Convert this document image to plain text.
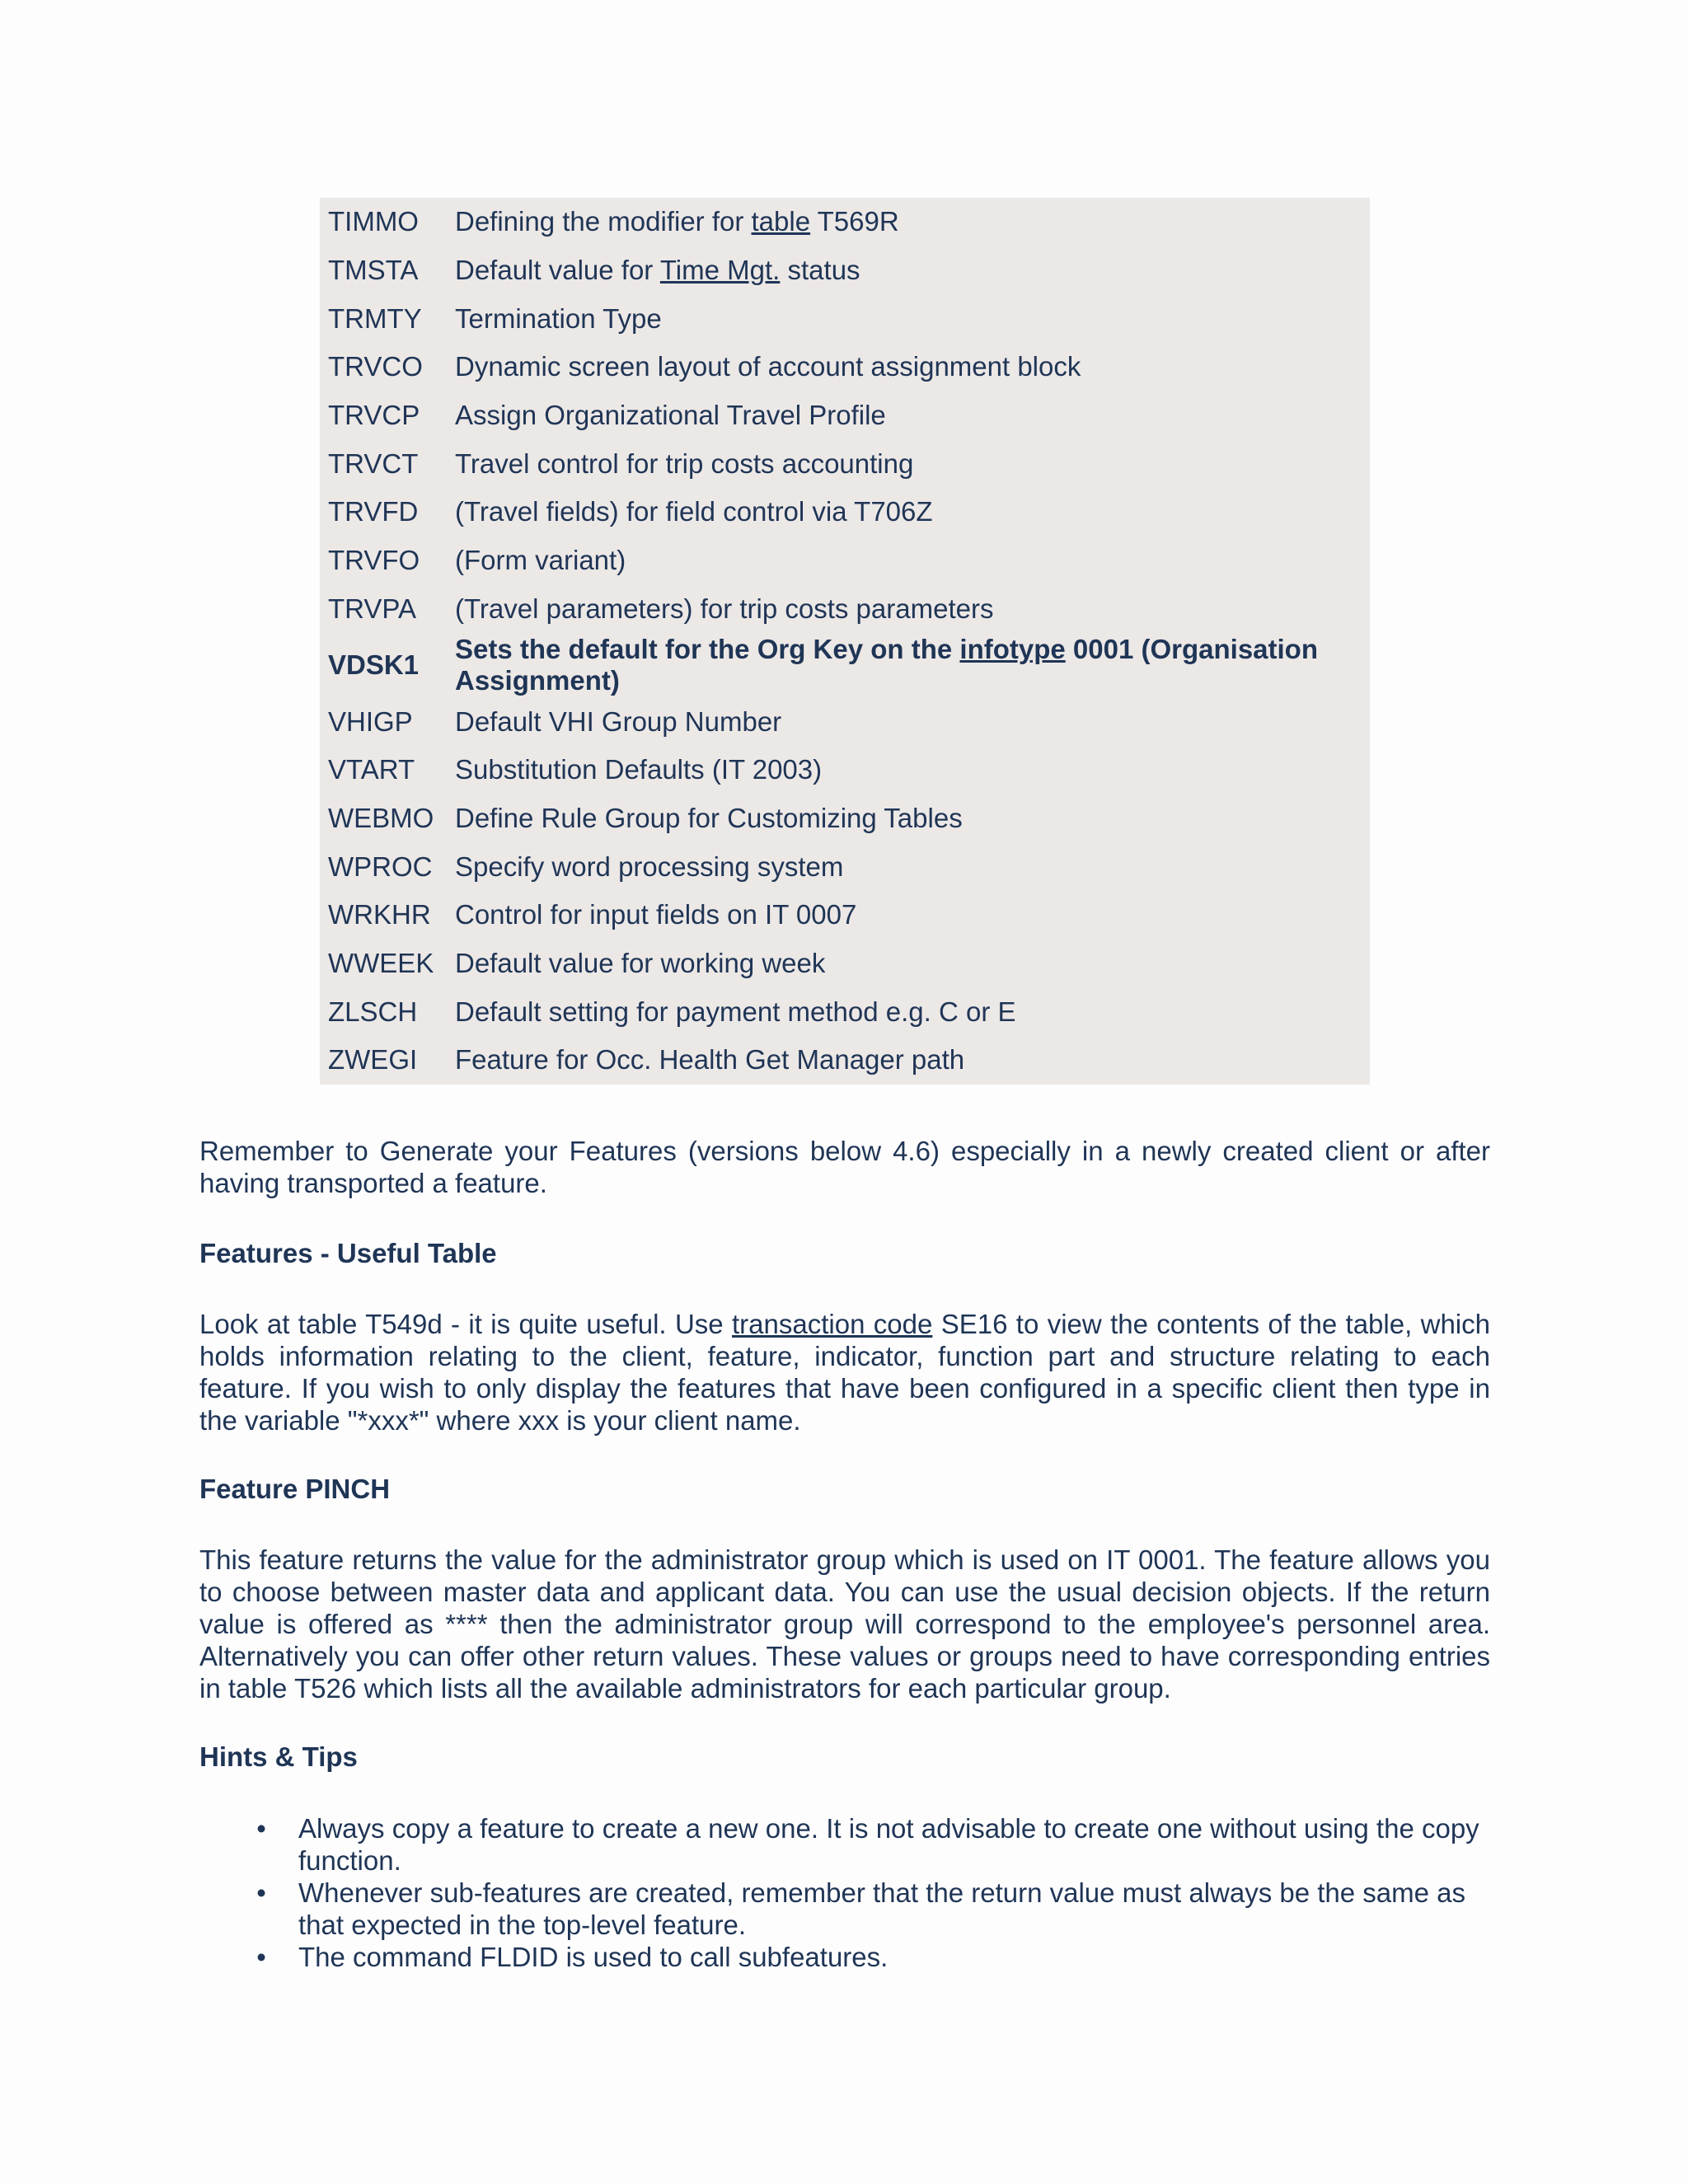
TIMMO	Defining the modifier for table T569R
TMSTA	Default value for Time Mgt. status
TRMTY	Termination Type
TRVCO	Dynamic screen layout of account assignment block
TRVCP	Assign Organizational Travel Profile
TRVCT	Travel control for trip costs accounting
TRVFD	(Travel fields) for field control via T706Z
TRVFO	(Form variant)
TRVPA	(Travel parameters) for trip costs parameters
VDSK1	Sets the default for the Org Key on the infotype 0001 (Organisation Assignment)
VHIGP	Default VHI Group Number
VTART	Substitution Defaults (IT 2003)
WEBMO	Define Rule Group for Customizing Tables
WPROC	Specify word processing system
WRKHR	Control for input fields on IT 0007
WWEEK	Default value for working week
ZLSCH	Default setting for payment method e.g. C or E
ZWEGI	Feature for Occ. Health Get Manager path

Remember to Generate your Features (versions below 4.6) especially in a newly created client or after having transported a feature.

Features - Useful Table

Look at table T549d - it is quite useful. Use transaction code SE16 to view the contents of the table, which holds information relating to the client, feature, indicator, function part and structure relating to each feature. If you wish to only display the features that have been configured in a specific client then type in the variable "*xxx*" where xxx is your client name.

Feature PINCH

This feature returns the value for the administrator group which is used on IT 0001. The feature allows you to choose between master data and applicant data. You can use the usual decision objects. If the return value is offered as **** then the administrator group will correspond to the employee's personnel area. Alternatively you can offer other return values. These values or groups need to have corresponding entries in table T526 which lists all the available administrators for each particular group.

Hints & Tips

• Always copy a feature to create a new one. It is not advisable to create one without using the copy function.
• Whenever sub-features are created, remember that the return value must always be the same as that expected in the top-level feature.
• The command FLDID is used to call subfeatures.
